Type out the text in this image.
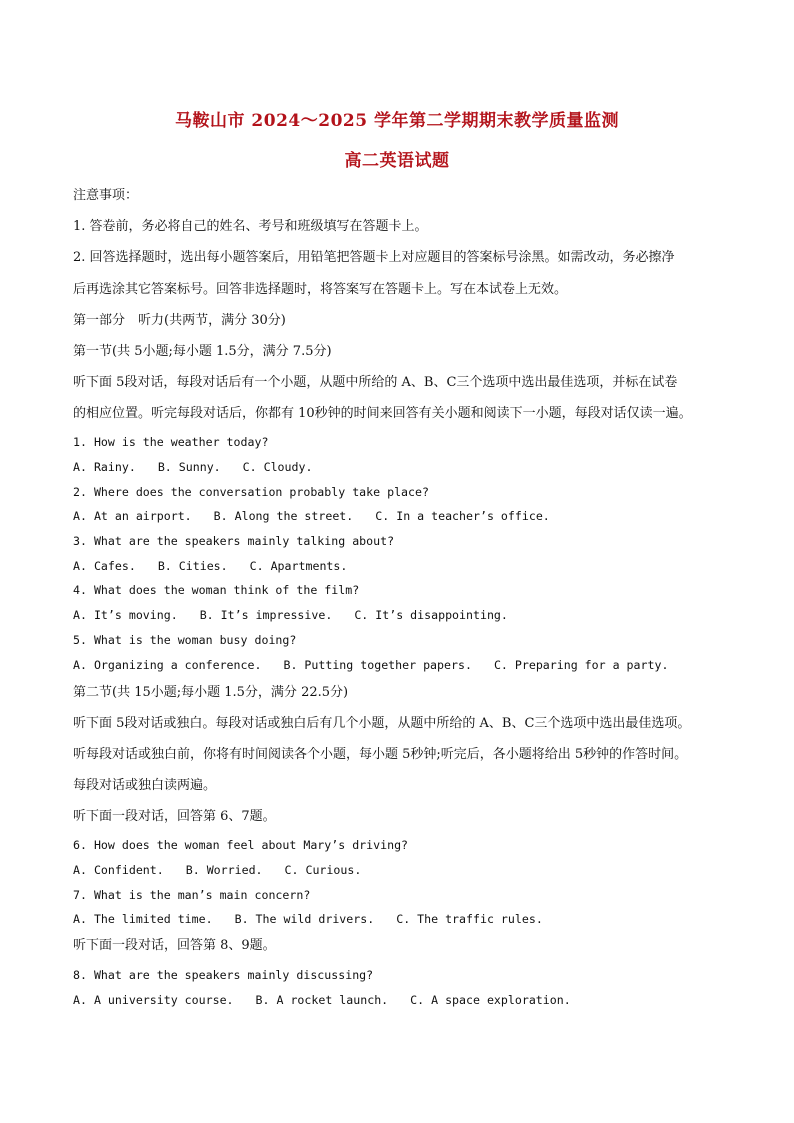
马鞍山市 2024～2025 学年第二学期期末教学质量监测
高二英语试题
注意事项：
1. 答卷前，务必将自己的姓名、考号和班级填写在答题卡上。
2. 回答选择题时，选出每小题答案后，用铅笔把答题卡上对应题目的答案标号涂黑。如需改动，务必擦净
后再选涂其它答案标号。回答非选择题时，将答案写在答题卡上。写在本试卷上无效。
第一部分　听力(共两节，满分 30分)
第一节(共 5小题;每小题 1.5分，满分 7.5分)
听下面 5段对话，每段对话后有一个小题，从题中所给的 A、B、C三个选项中选出最佳选项，并标在试卷
的相应位置。听完每段对话后，你都有 10秒钟的时间来回答有关小题和阅读下一小题，每段对话仅读一遍。
1. How is the weather today?
A. Rainy. B. Sunny. C. Cloudy.
2. Where does the conversation probably take place?
A. At an airport. B. Along the street. C. In a teacher’s office.
3. What are the speakers mainly talking about?
A. Cafes. B. Cities. C. Apartments.
4. What does the woman think of the film?
A. It’s moving. B. It’s impressive. C. It’s disappointing.
5. What is the woman busy doing?
A. Organizing a conference. B. Putting together papers. C. Preparing for a party.
第二节(共 15小题;每小题 1.5分，满分 22.5分)
听下面 5段对话或独白。每段对话或独白后有几个小题，从题中所给的 A、B、C三个选项中选出最佳选项。
听每段对话或独白前，你将有时间阅读各个小题，每小题 5秒钟;听完后，各小题将给出 5秒钟的作答时间。
每段对话或独白读两遍。
听下面一段对话，回答第 6、7题。
6. How does the woman feel about Mary’s driving?
A. Confident. B. Worried. C. Curious.
7. What is the man’s main concern?
A. The limited time. B. The wild drivers. C. The traffic rules.
听下面一段对话，回答第 8、9题。
8. What are the speakers mainly discussing?
A. A university course. B. A rocket launch. C. A space exploration.
